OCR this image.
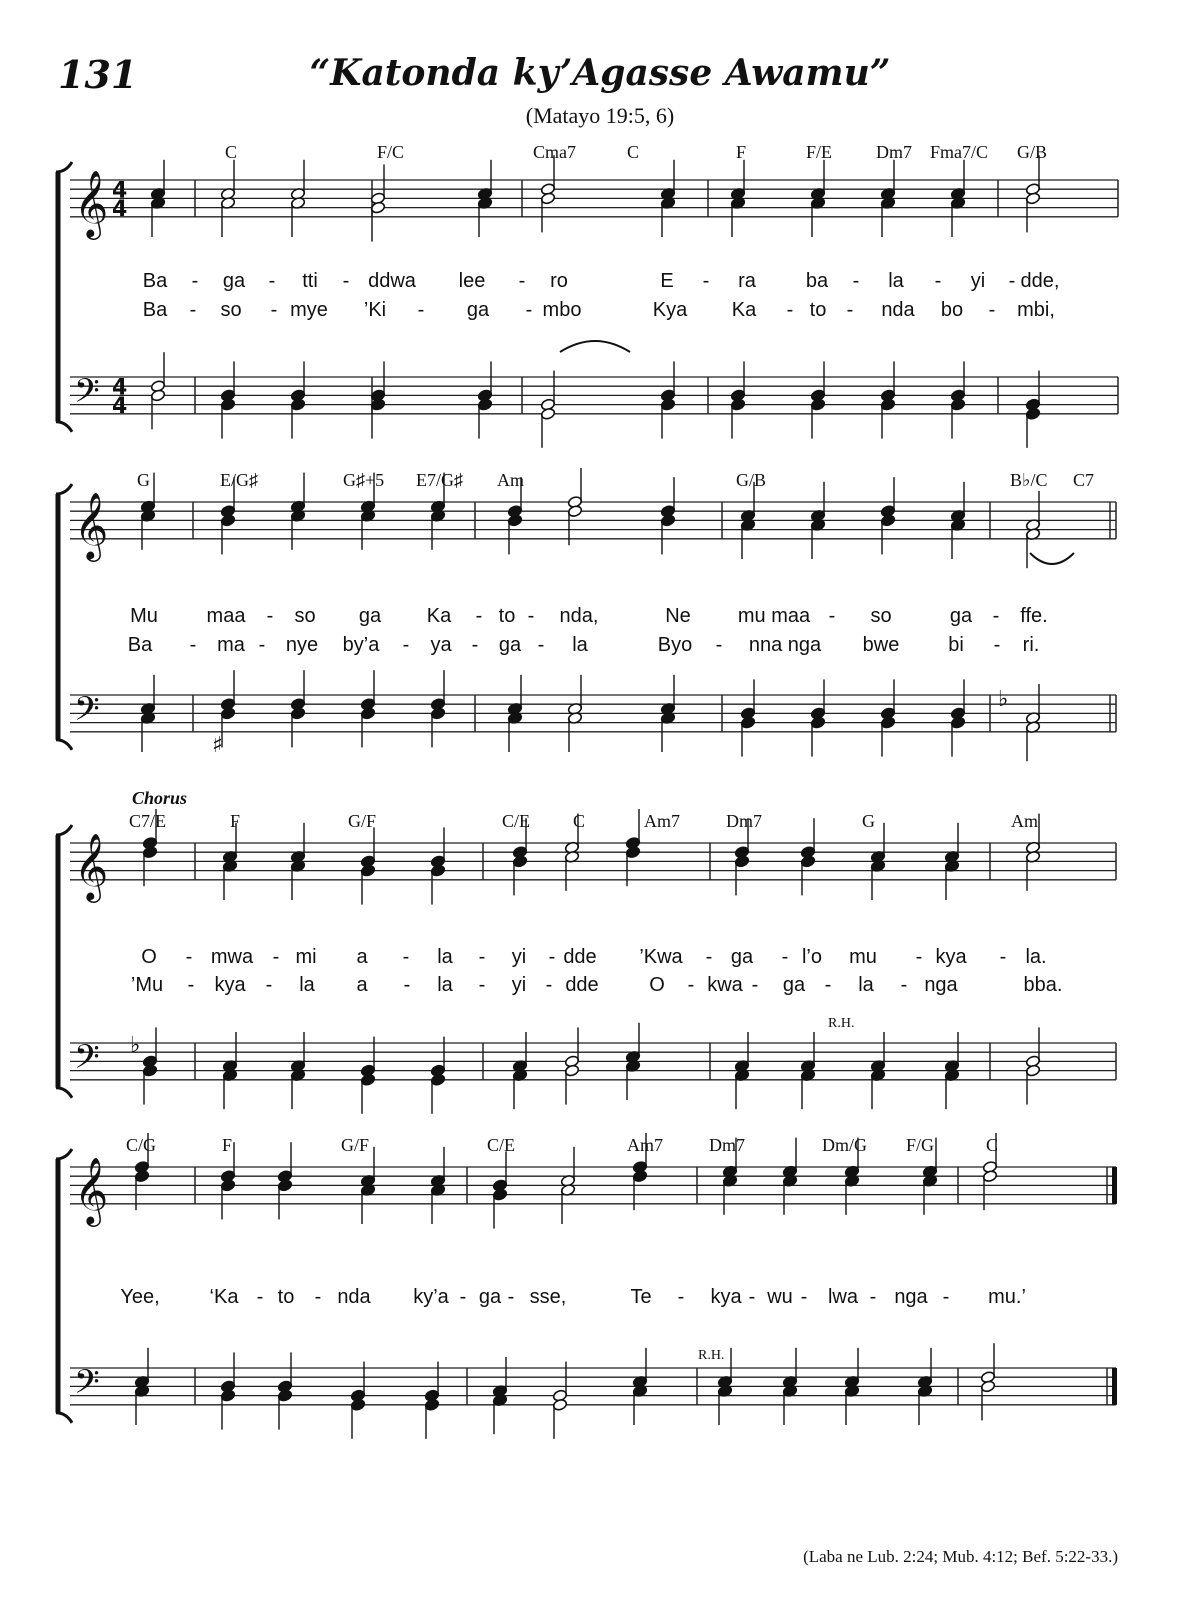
131	“Katonda ky’Agasse Awamu”
(Matayo 19:5, 6)
C	F/C	Cma7	C	F	F/E Dm7 Fma7/C G/B
G	E/G♯	G♯+5 E7/G♯ Am	G/B	B♭/C C7
Chorus
C7/E	F	G/F	C/E C	Am7	Dm7	G	Am
C/G	F	G/F	C/E	Am7	Dm7	Dm/G F/G	C
R.H.
R.H.
Ba - ga - tti - ddwa lee - ro	E - ra ba - la - yi - dde,
Ba - so - mye ’Ki - ga - mbo	Kya Ka - to - nda bo - mbi,
Mu maa - so ga Ka - to - nda,	Ne mu maa - so	ga - ffe.
Ba - ma - nye by’a - ya - ga - la	Byo - nna nga bwe bi - ri.
O - mwa - mi a - la - yi - dde ’Kwa - ga - l’o mu - kya - la.
’Mu - kya - la a - la - yi - dde	O - kwa - ga - la - nga	bba.
Yee, ‘Ka - to - nda ky’a - ga - sse,	Te - kya - wu - lwa - nga - mu.’
𝄞 4
4
𝄢 4
4
𝄞
𝄢
𝄞
𝄢
𝄞
𝄢
♯
♭
♭
(Laba ne Lub. 2:24; Mub. 4:12; Bef. 5:22-33.)
